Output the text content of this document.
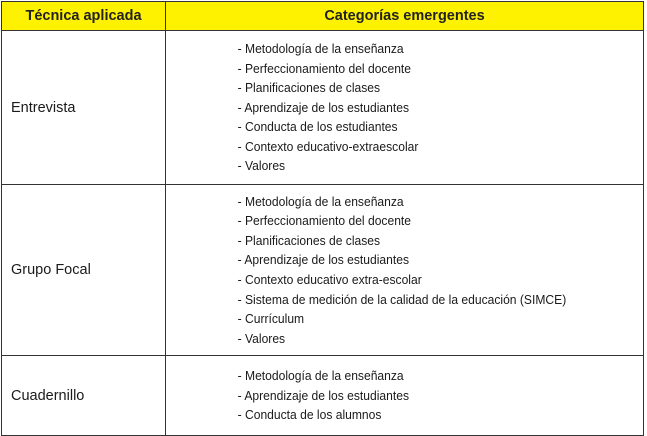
Técnica aplicada	Categorías emergentes
Entrevista
- Metodología de la enseñanza
- Perfeccionamiento del docente
- Planificaciones de clases
- Aprendizaje de los estudiantes
- Conducta de los estudiantes
- Contexto educativo-extraescolar
- Valores
Grupo Focal
- Metodología de la enseñanza
- Perfeccionamiento del docente
- Planificaciones de clases
- Aprendizaje de los estudiantes
- Contexto educativo extra-escolar
- Sistema de medición de la calidad de la educación (SIMCE)
- Currículum
- Valores
Cuadernillo
- Metodología de la enseñanza
- Aprendizaje de los estudiantes
- Conducta de los alumnos
